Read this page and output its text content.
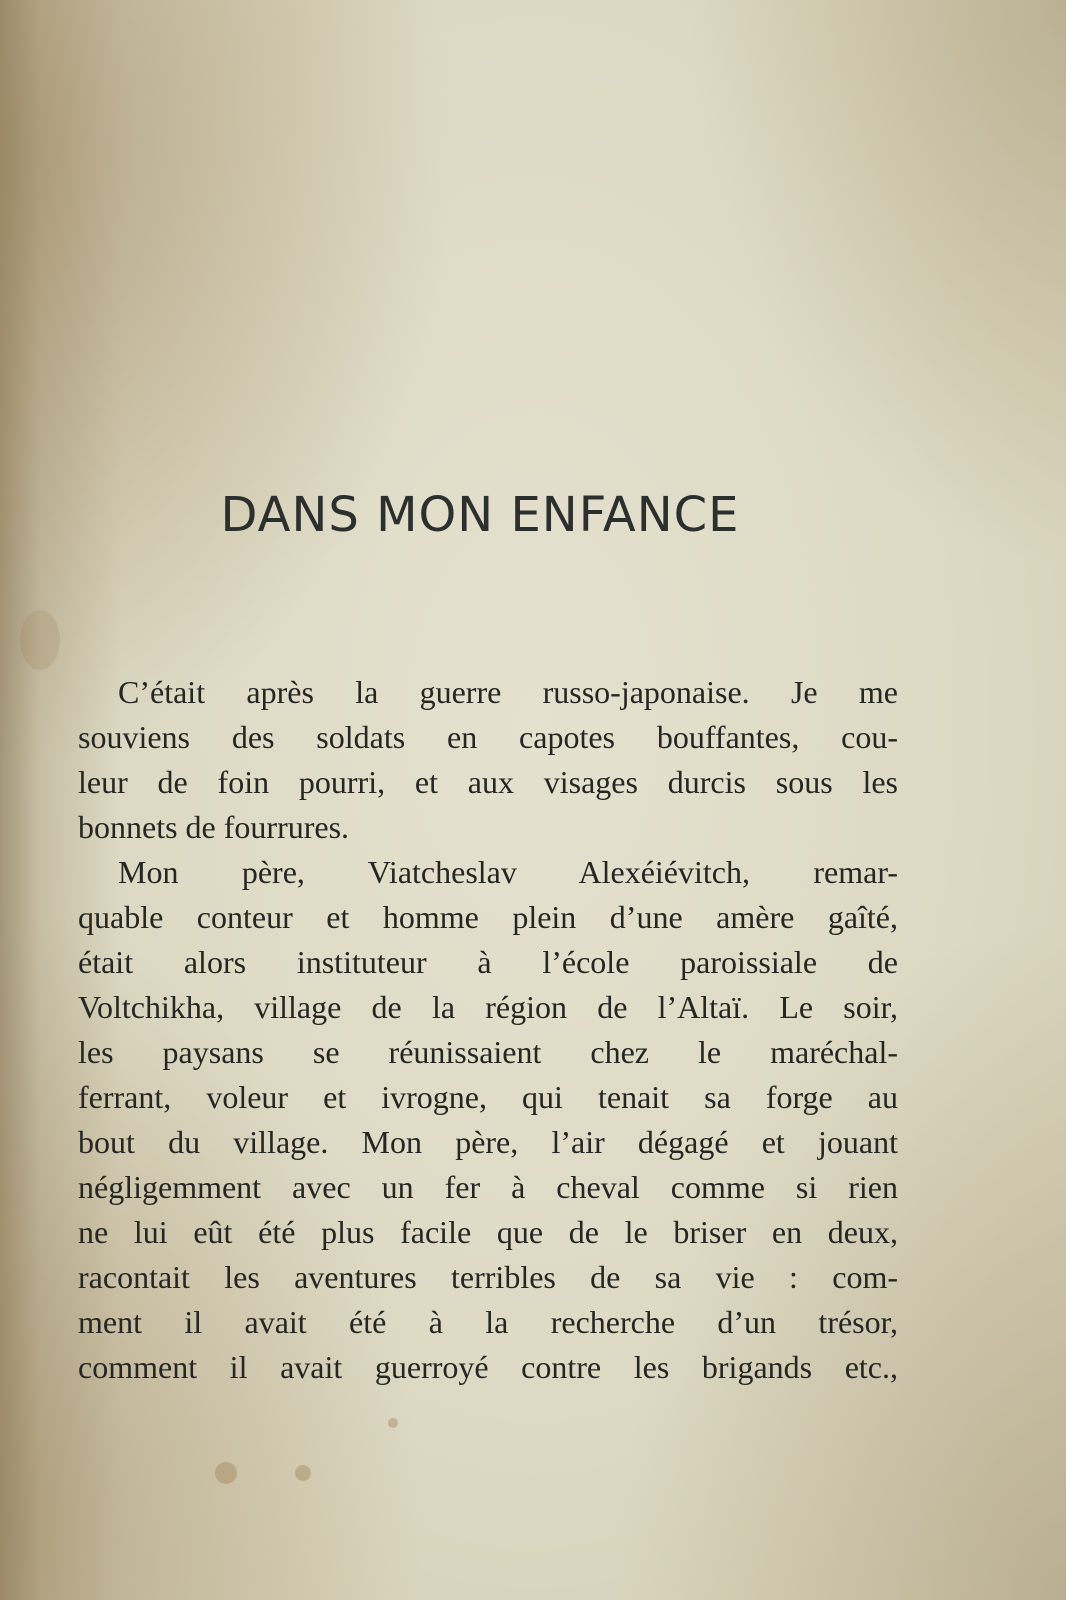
DANS MON ENFANCE
C’était après la guerre russo-japonaise. Je me
souviens des soldats en capotes bouffantes, cou-
leur de foin pourri, et aux visages durcis sous les
bonnets de fourrures.
Mon père, Viatcheslav Alexéiévitch, remar-
quable conteur et homme plein d’une amère gaîté,
était alors instituteur à l’école paroissiale de
Voltchikha, village de la région de l’Altaï. Le soir,
les paysans se réunissaient chez le maréchal-
ferrant, voleur et ivrogne, qui tenait sa forge au
bout du village. Mon père, l’air dégagé et jouant
négligemment avec un fer à cheval comme si rien
ne lui eût été plus facile que de le briser en deux,
racontait les aventures terribles de sa vie : com-
ment il avait été à la recherche d’un trésor,
comment il avait guerroyé contre les brigands etc.,
